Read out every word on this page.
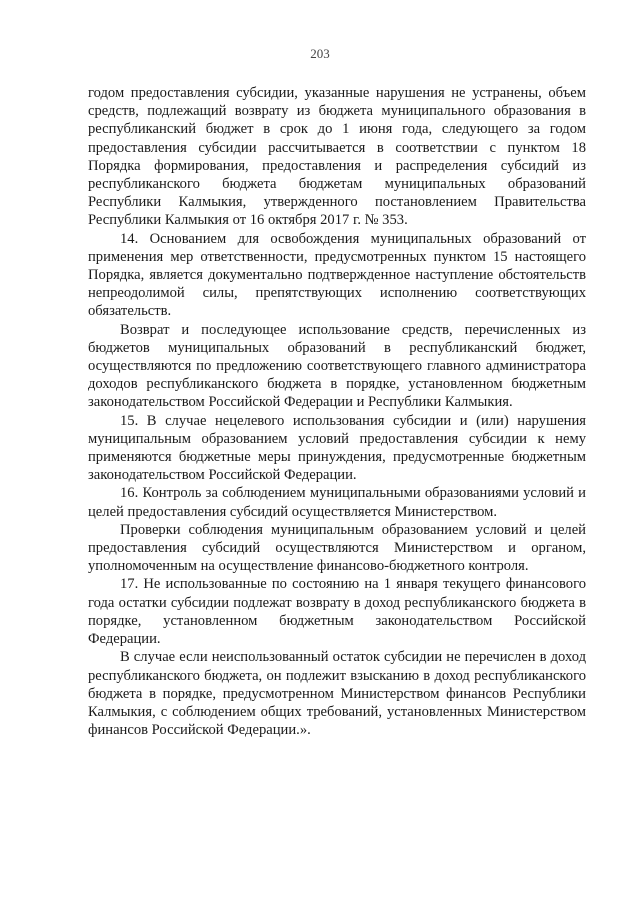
203

годом предоставления субсидии, указанные нарушения не устранены, объем средств, подлежащий возврату из бюджета муниципального образования в республиканский бюджет в срок до 1 июня года, следующего за годом предоставления субсидии рассчитывается в соответствии с пунктом 18 Порядка формирования, предоставления и распределения субсидий из республиканского бюджета бюджетам муниципальных образований Республики Калмыкия, утвержденного постановлением Правительства Республики Калмыкия от 16 октября 2017 г. № 353.

14. Основанием для освобождения муниципальных образований от применения мер ответственности, предусмотренных пунктом 15 настоящего Порядка, является документально подтвержденное наступление обстоятельств непреодолимой силы, препятствующих исполнению соответствующих обязательств.

Возврат и последующее использование средств, перечисленных из бюджетов муниципальных образований в республиканский бюджет, осуществляются по предложению соответствующего главного администратора доходов республиканского бюджета в порядке, установленном бюджетным законодательством Российской Федерации и Республики Калмыкия.

15. В случае нецелевого использования субсидии и (или) нарушения муниципальным образованием условий предоставления субсидии к нему применяются бюджетные меры принуждения, предусмотренные бюджетным законодательством Российской Федерации.

16. Контроль за соблюдением муниципальными образованиями условий и целей предоставления субсидий осуществляется Министерством.

Проверки соблюдения муниципальным образованием условий и целей предоставления субсидий осуществляются Министерством и органом, уполномоченным на осуществление финансово-бюджетного контроля.

17. Не использованные по состоянию на 1 января текущего финансового года остатки субсидии подлежат возврату в доход республиканского бюджета в порядке, установленном бюджетным законодательством Российской Федерации.

В случае если неиспользованный остаток субсидии не перечислен в доход республиканского бюджета, он подлежит взысканию в доход республиканского бюджета в порядке, предусмотренном Министерством финансов Республики Калмыкия, с соблюдением общих требований, установленных Министерством финансов Российской Федерации.».
